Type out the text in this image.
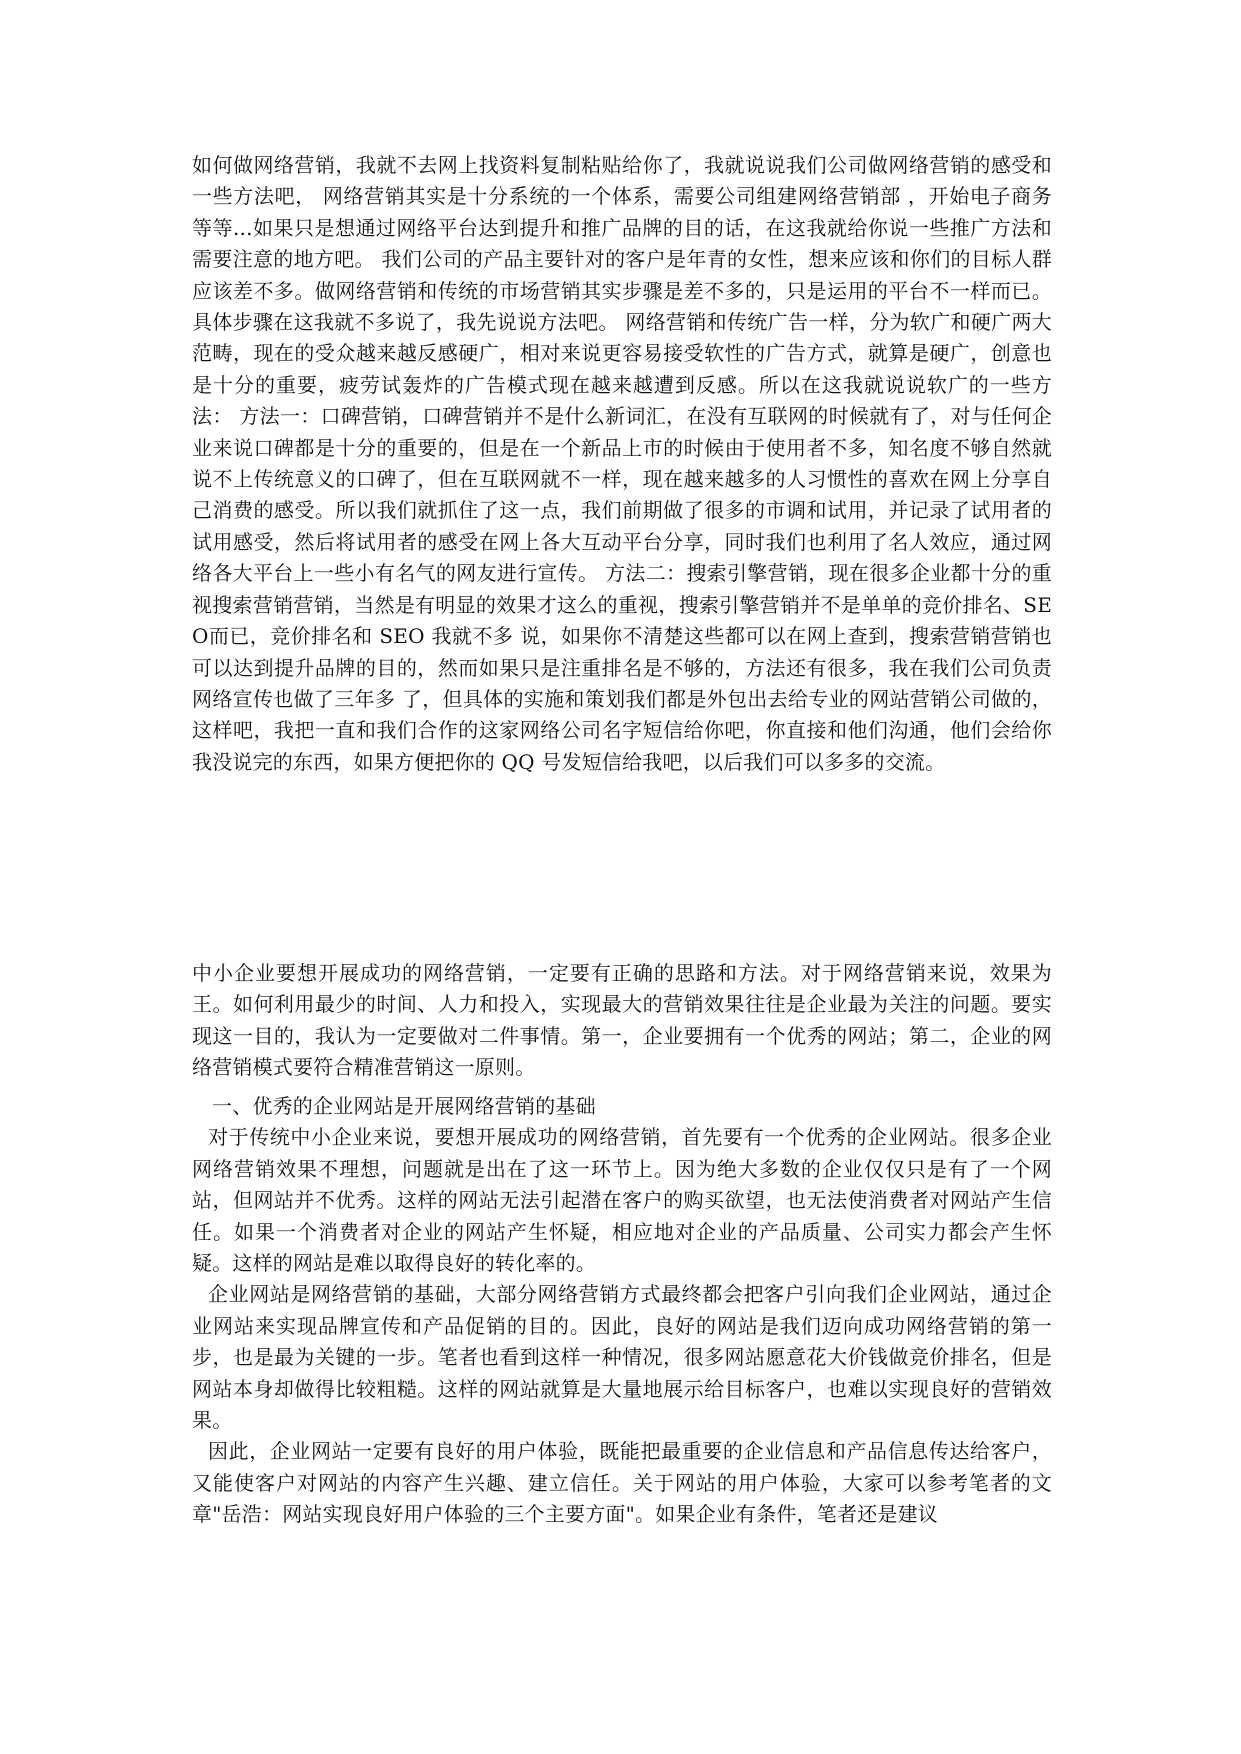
如何做网络营销，我就不去网上找资料复制粘贴给你了，我就说说我们公司做网络营销的感受和一些方法吧， 网络营销其实是十分系统的一个体系，需要公司组建网络营销部 ，开始电子商务等等...如果只是想通过网络平台达到提升和推广品牌的目的话，在这我就给你说一些推广方法和需要注意的地方吧。 我们公司的产品主要针对的客户是年青的女性，想来应该和你们的目标人群应该差不多。做网络营销和传统的市场营销其实步骤是差不多的，只是运用的平台不一样而已。具体步骤在这我就不多说了，我先说说方法吧。 网络营销和传统广告一样，分为软广和硬广两大范畴，现在的受众越来越反感硬广，相对来说更容易接受软性的广告方式，就算是硬广，创意也是十分的重要，疲劳试轰炸的广告模式现在越来越遭到反感。所以在这我就说说软广的一些方法： 方法一：口碑营销，口碑营销并不是什么新词汇，在没有互联网的时候就有了，对与任何企业来说口碑都是十分的重要的，但是在一个新品上市的时候由于使用者不多，知名度不够自然就说不上传统意义的口碑了，但在互联网就不一样，现在越来越多的人习惯性的喜欢在网上分享自己消费的感受。所以我们就抓住了这一点，我们前期做了很多的市调和试用，并记录了试用者的试用感受，然后将试用者的感受在网上各大互动平台分享，同时我们也利用了名人效应，通过网络各大平台上一些小有名气的网友进行宣传。 方法二：搜索引擎营销，现在很多企业都十分的重视搜索营销营销，当然是有明显的效果才这么的重视，搜索引擎营销并不是单单的竞价排名、SEO而已，竞价排名和 SEO 我就不多 说，如果你不清楚这些都可以在网上查到，搜索营销营销也可以达到提升品牌的目的，然而如果只是注重排名是不够的，方法还有很多，我在我们公司负责网络宣传也做了三年多 了，但具体的实施和策划我们都是外包出去给专业的网站营销公司做的，这样吧，我把一直和我们合作的这家网络公司名字短信给你吧，你直接和他们沟通，他们会给你我没说完的东西，如果方便把你的 QQ 号发短信给我吧，以后我们可以多多的交流。
中小企业要想开展成功的网络营销，一定要有正确的思路和方法。对于网络营销来说，效果为王。如何利用最少的时间、人力和投入，实现最大的营销效果往往是企业最为关注的问题。要实现这一目的，我认为一定要做对二件事情。第一，企业要拥有一个优秀的网站；第二，企业的网络营销模式要符合精准营销这一原则。
一、优秀的企业网站是开展网络营销的基础
对于传统中小企业来说，要想开展成功的网络营销，首先要有一个优秀的企业网站。很多企业网络营销效果不理想，问题就是出在了这一环节上。因为绝大多数的企业仅仅只是有了一个网站，但网站并不优秀。这样的网站无法引起潜在客户的购买欲望，也无法使消费者对网站产生信任。如果一个消费者对企业的网站产生怀疑，相应地对企业的产品质量、公司实力都会产生怀疑。这样的网站是难以取得良好的转化率的。
企业网站是网络营销的基础，大部分网络营销方式最终都会把客户引向我们企业网站，通过企业网站来实现品牌宣传和产品促销的目的。因此，良好的网站是我们迈向成功网络营销的第一步，也是最为关键的一步。笔者也看到这样一种情况，很多网站愿意花大价钱做竞价排名，但是网站本身却做得比较粗糙。这样的网站就算是大量地展示给目标客户，也难以实现良好的营销效果。
因此，企业网站一定要有良好的用户体验，既能把最重要的企业信息和产品信息传达给客户，又能使客户对网站的内容产生兴趣、建立信任。关于网站的用户体验，大家可以参考笔者的文章"岳浩：网站实现良好用户体验的三个主要方面"。如果企业有条件，笔者还是建议
